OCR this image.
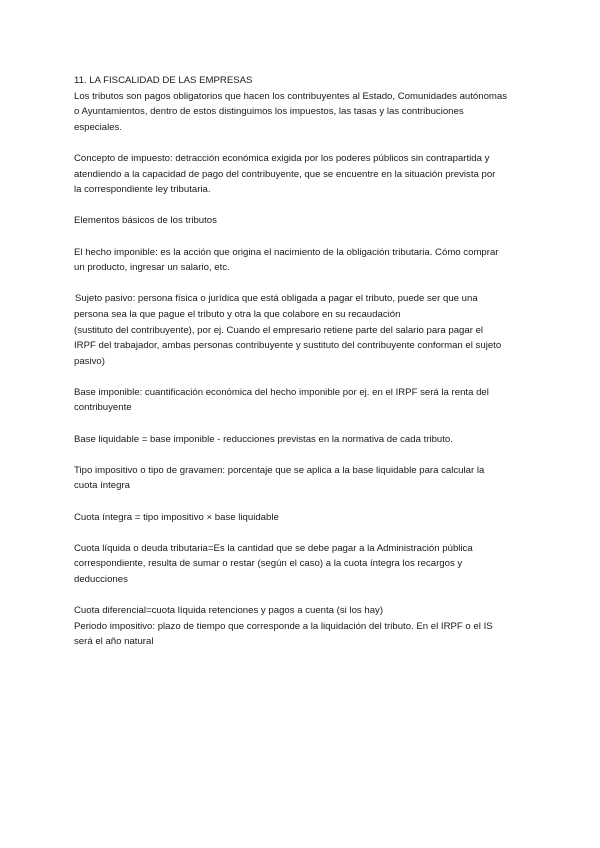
11. LA FISCALIDAD DE LAS EMPRESAS

Los tributos son pagos obligatorios que hacen los contribuyentes al Estado, Comunidades autónomas

o Ayuntamientos, dentro de estos distinguimos los impuestos, las tasas y las contribuciones

especiales.

Concepto de impuesto: detracción económica exigida por los poderes públicos sin contrapartida y

atendiendo a la capacidad de pago del contribuyente, que se encuentre en la situación prevista por

la correspondiente ley tributaria.

Elementos básicos de los tributos

El hecho imponible: es la acción que origina el nacimiento de la obligación tributaria. Cómo comprar

un producto, ingresar un salario, etc.

Sujeto pasivo: persona física o jurídica que está obligada a pagar el tributo, puede ser que una

persona sea la que pague el tributo y otra la que colabore en su recaudación

(sustituto del contribuyente), por ej. Cuando el empresario retiene parte del salario para pagar el

IRPF del trabajador, ambas personas contribuyente y sustituto del contribuyente conforman el sujeto

pasivo)

Base imponible: cuantificación económica del hecho imponible por ej. en el IRPF será la renta del

contribuyente

Base liquidable = base imponible - reducciones previstas en la normativa de cada tributo.

Tipo impositivo o tipo de gravamen: porcentaje que se aplica a la base liquidable para calcular la

cuota íntegra

Cuota íntegra = tipo impositivo × base liquidable

Cuota líquida o deuda tributaria=Es la cantidad que se debe pagar a la Administración pública

correspondiente, resulta de sumar o restar (según el caso) a la cuota íntegra los recargos y

deducciones

Cuota diferencial=cuota líquida retenciones y pagos a cuenta (si los hay)

Periodo impositivo: plazo de tiempo que corresponde a la liquidación del tributo. En el IRPF o el IS

será el año natural
